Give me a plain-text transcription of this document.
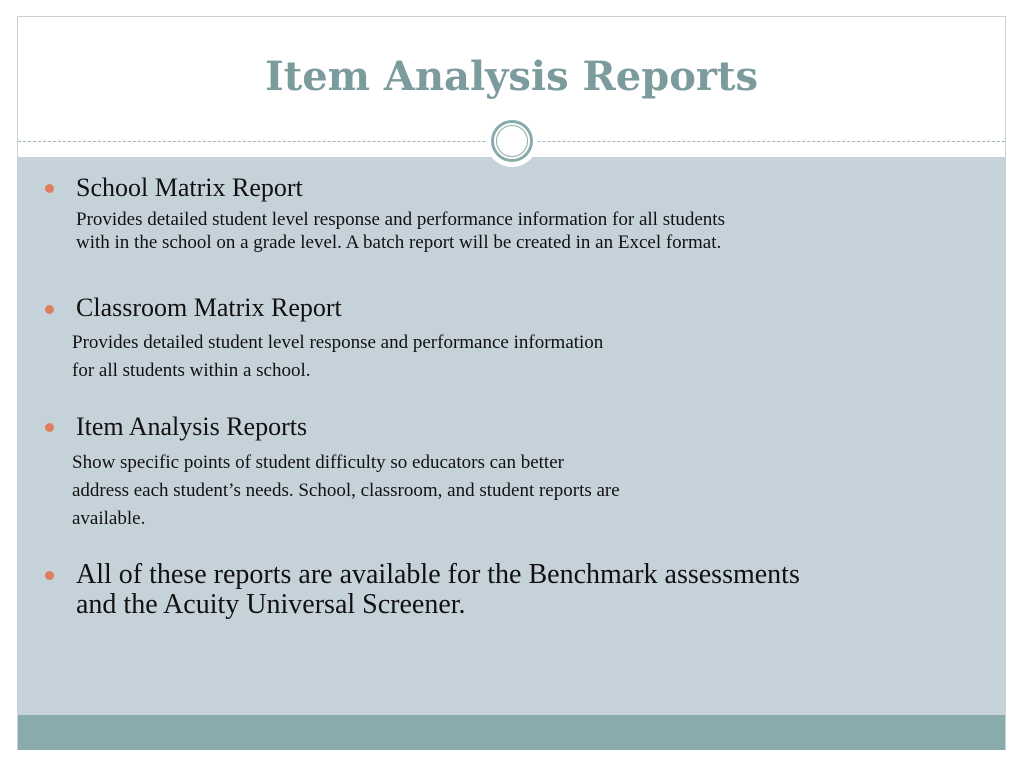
Item Analysis Reports
School Matrix Report
Provides detailed student level response and performance information for all students
with in the school on a grade level. A batch report will be created in an Excel format.
Classroom Matrix Report
Provides detailed student level response and performance information
for all students within a school.
Item Analysis Reports
Show specific points of student difficulty so educators can better
address each student’s needs. School, classroom, and student reports are
available.
All of these reports are available for the Benchmark assessments
and the Acuity Universal Screener.
